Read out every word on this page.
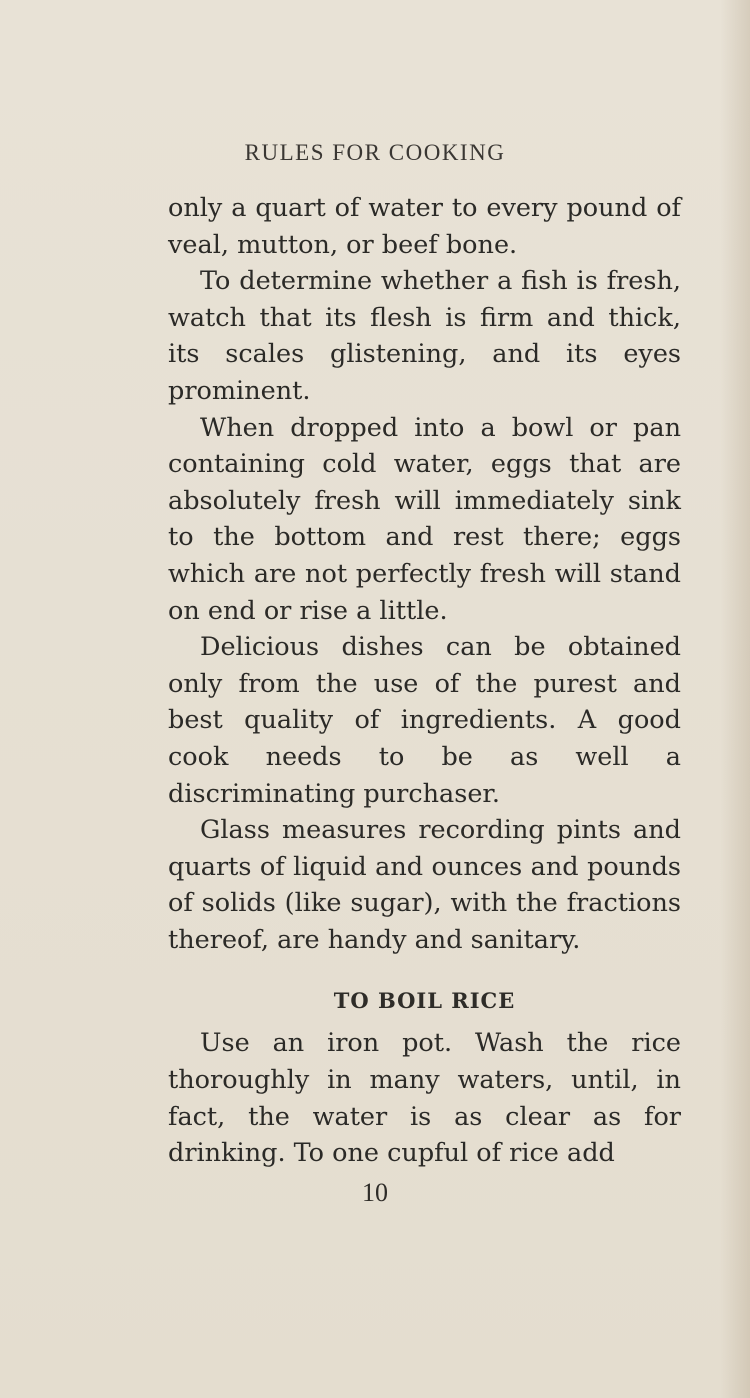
RULES FOR COOKING

only a quart of water to every pound of veal, mutton, or beef bone.

To determine whether a fish is fresh, watch that its flesh is firm and thick, its scales glistening, and its eyes prominent.

When dropped into a bowl or pan containing cold water, eggs that are absolutely fresh will immediately sink to the bottom and rest there; eggs which are not perfectly fresh will stand on end or rise a little.

Delicious dishes can be obtained only from the use of the purest and best quality of ingredients. A good cook needs to be as well a discriminating purchaser.

Glass measures recording pints and quarts of liquid and ounces and pounds of solids (like sugar), with the fractions thereof, are handy and sanitary.

TO BOIL RICE

Use an iron pot. Wash the rice thoroughly in many waters, until, in fact, the water is as clear as for drinking. To one cupful of rice add

10
